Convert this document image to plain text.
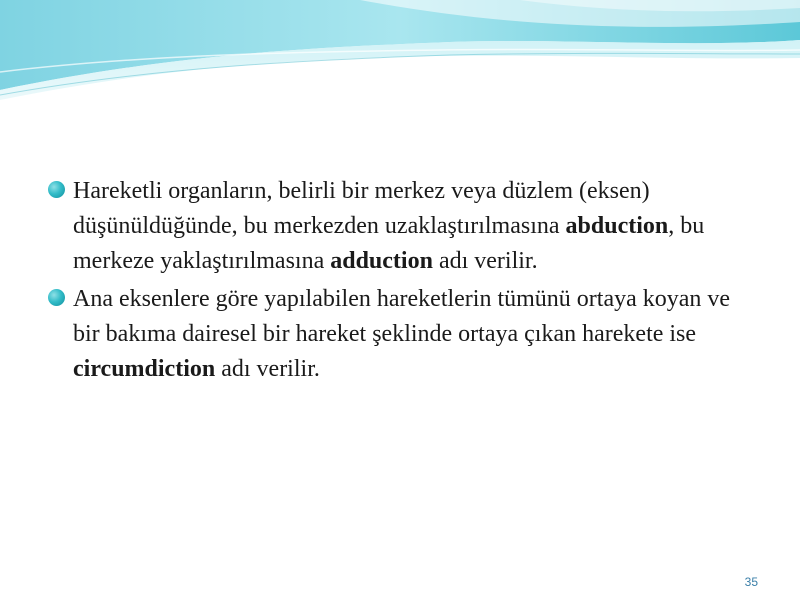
Hareketli organların, belirli bir merkez veya düzlem (eksen) düşünüldüğünde, bu merkezden uzaklaştırılmasına abduction, bu merkeze yaklaştırılmasına adduction adı verilir.
Ana eksenlere göre yapılabilen hareketlerin tümünü ortaya koyan ve bir bakıma dairesel bir hareket şeklinde ortaya çıkan harekete ise circumdiction adı verilir.
35
